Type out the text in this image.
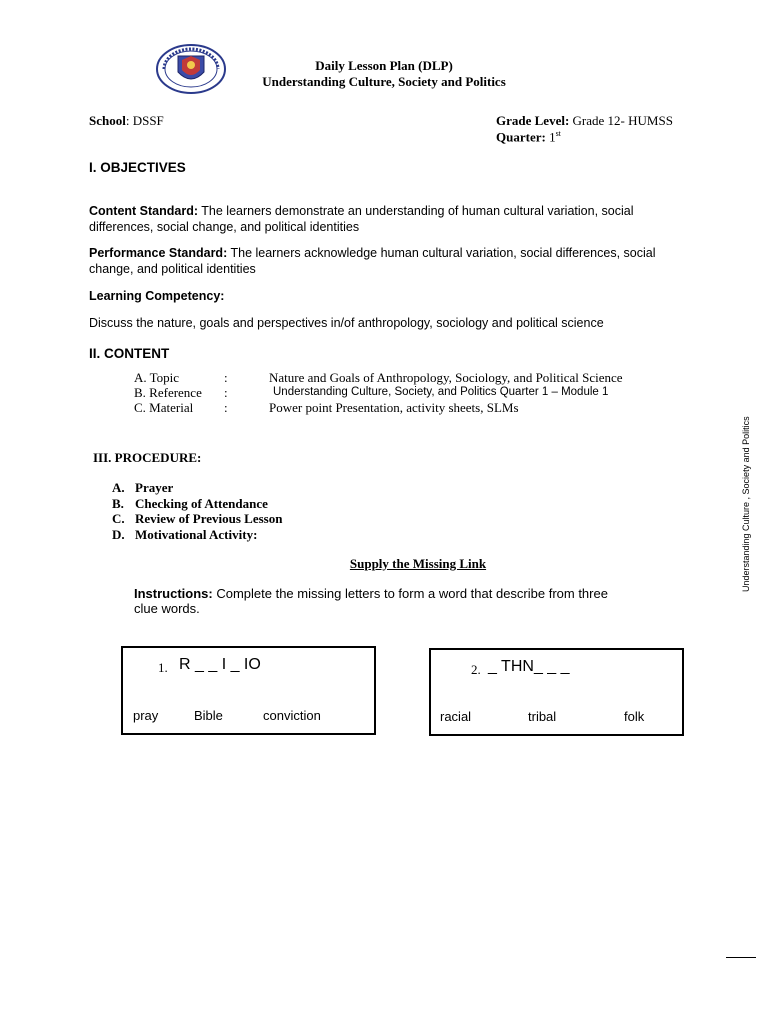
Daily Lesson Plan (DLP)
Understanding Culture, Society and Politics
School: DSSF	Grade Level: Grade 12- HUMSS
Quarter: 1st
I. OBJECTIVES
Content Standard: The learners demonstrate an understanding of human cultural variation, social
differences, social change, and political identities
Performance Standard: The learners acknowledge human cultural variation, social differences, social
change, and political identities
Learning Competency:
Discuss the nature, goals and perspectives in/of anthropology, sociology and political science
II. CONTENT
A. Topic	:	Nature and Goals of Anthropology, Sociology, and Political Science
B. Reference :	Understanding Culture, Society, and Politics Quarter 1 – Module 1
C. Material :	Power point Presentation, activity sheets, SLMs
III. PROCEDURE:
A. Prayer
B. Checking of Attendance
C. Review of Previous Lesson
D. Motivational Activity:
Supply the Missing Link
Instructions: Complete the missing letters to form a word that describe from three
clue words.
1. R _ _ I _ IO
pray	Bible	conviction
2. _ THN_ _ _
racial	tribal	folk
Understanding Culture , Society and Politics
